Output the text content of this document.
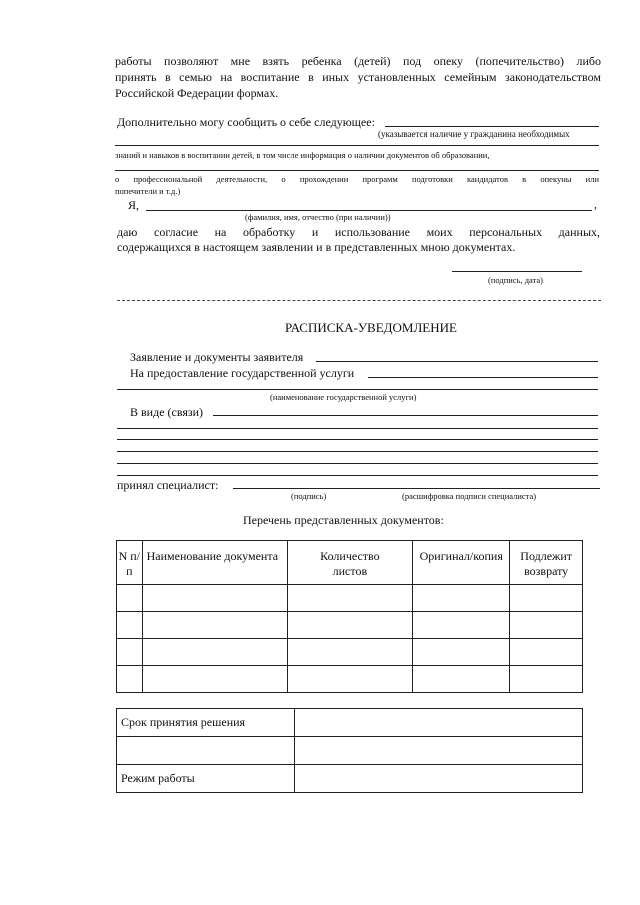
работы позволяют мне взять ребенка (детей) под опеку (попечительство) либо
принять в семью на воспитание в иных установленных семейным законодательством
Российской Федерации формах.
Дополнительно могу сообщить о себе следующее:
(указывается наличие у гражданина необходимых
знаний и навыков в воспитании детей, в том числе информация о наличии документов об образовании,
о профессиональной деятельности, о прохождении программ подготовки кандидатов в опекуны или
попечители и т.д.)
Я,	,
(фамилия, имя, отчество (при наличии))
даю согласие на обработку и использование моих персональных данных,
содержащихся в настоящем заявлении и в представленных мною документах.
(подпись, дата)
РАСПИСКА-УВЕДОМЛЕНИЕ
Заявление и документы заявителя
На предоставление государственной услуги
(наименование государственной услуги)
В виде (связи)
принял специалист:
(подпись)	(расшифровка подписи специалиста)
Перечень представленных документов:
N п/п	Наименование документа	Количество листов	Оригинал/копия	Подлежит возврату

Срок принятия решения	

Режим работы	
